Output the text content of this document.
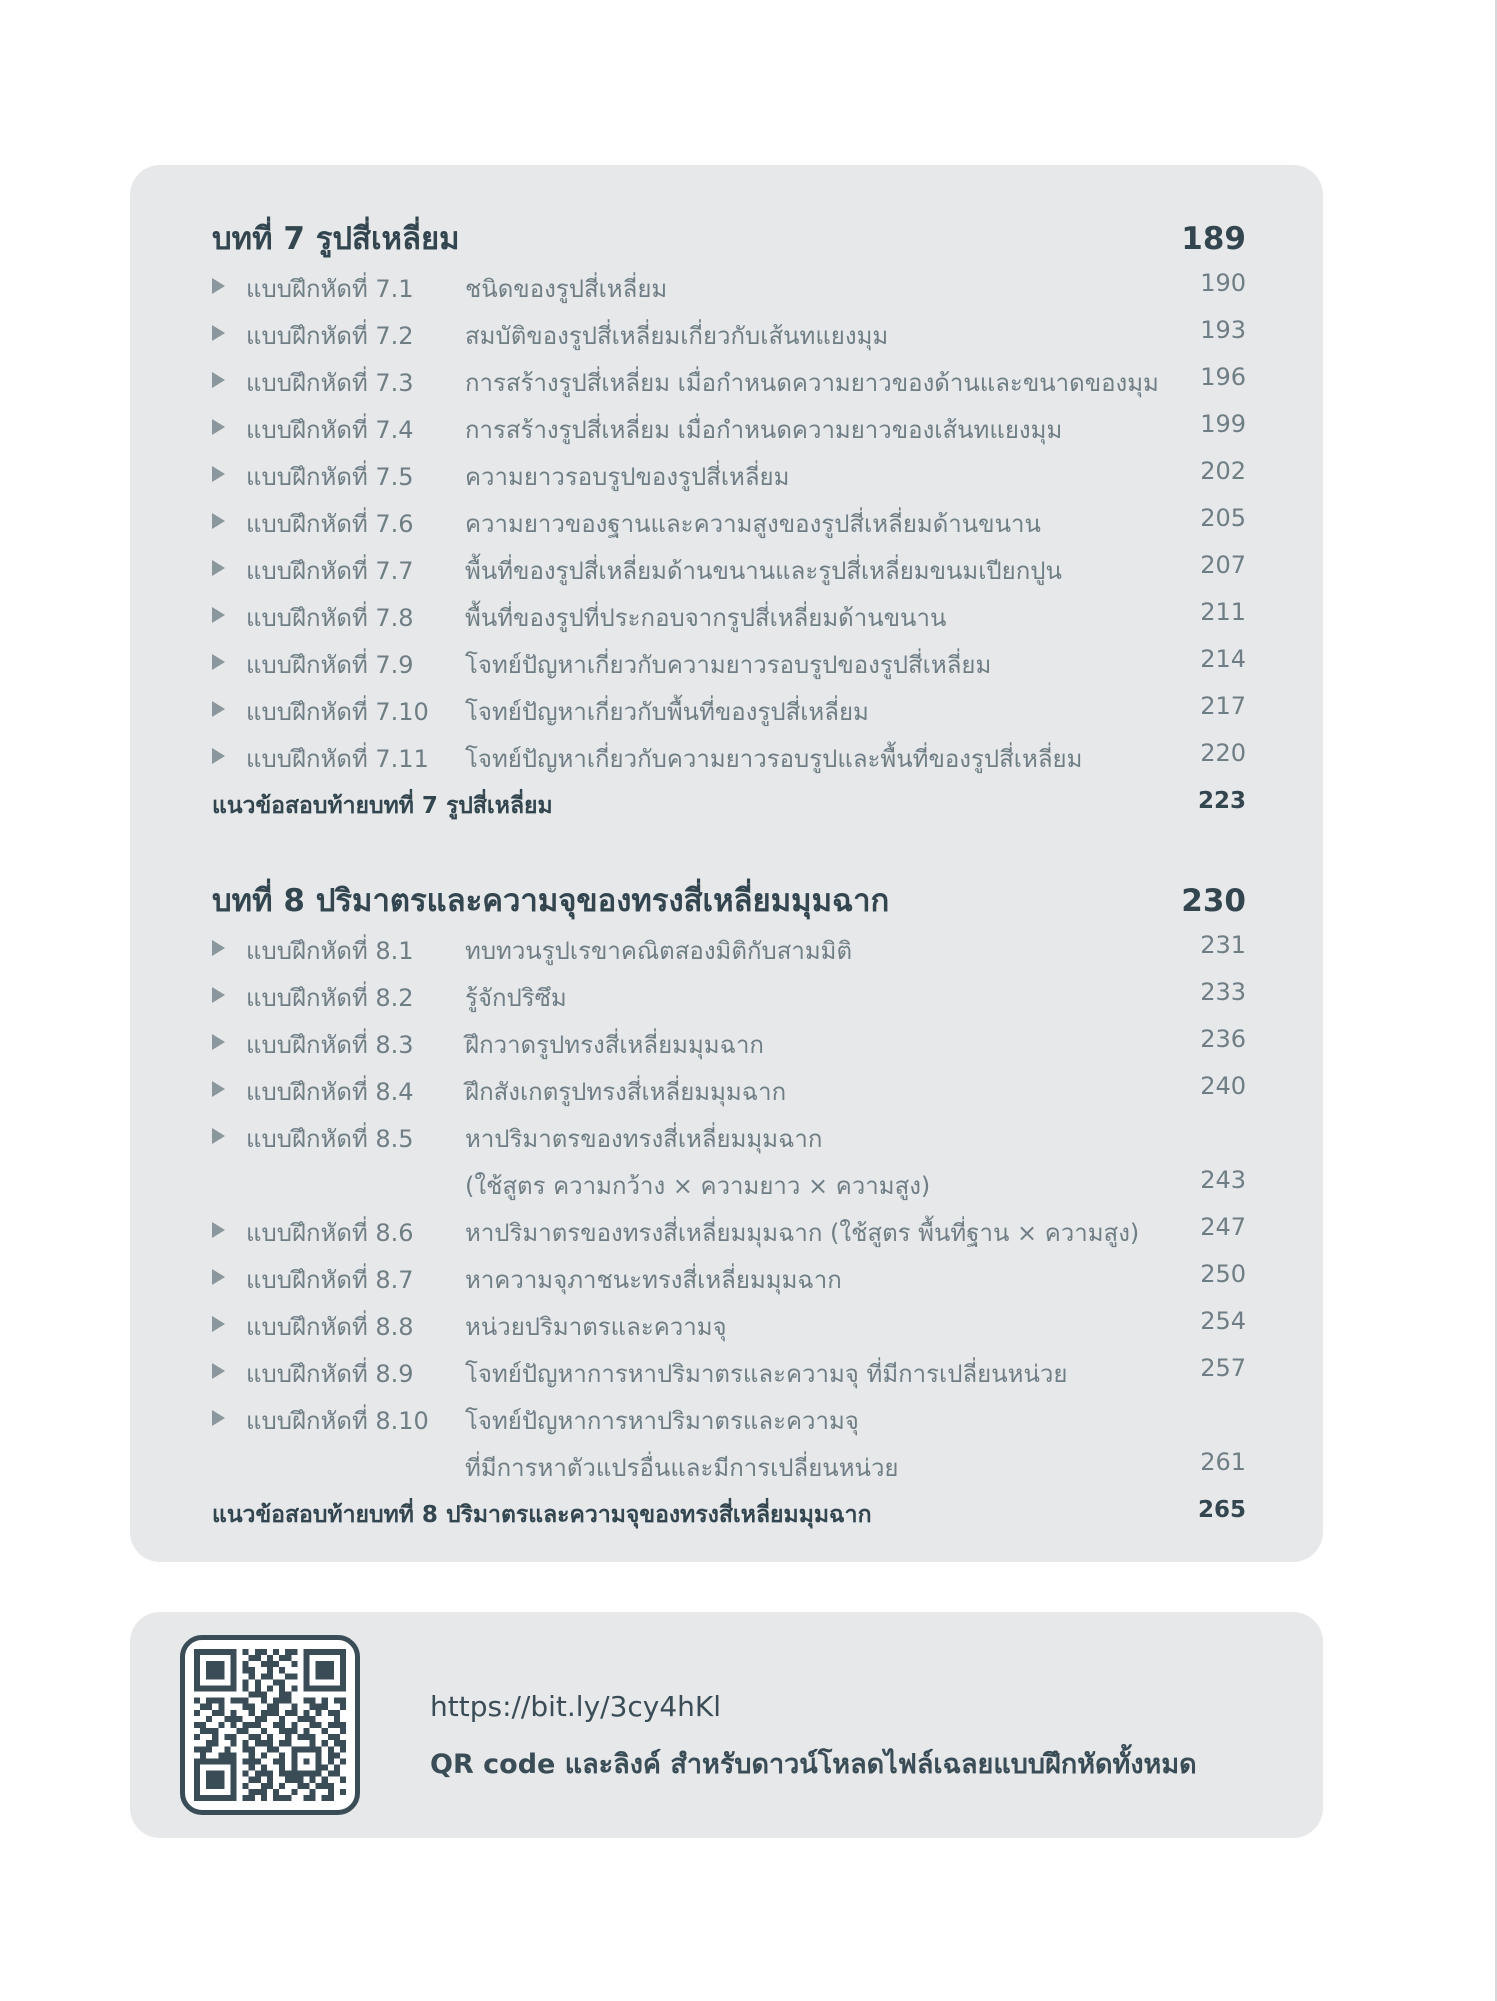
บทที่ 7 รูปสี่เหลี่ยม	189
แบบฝึกหัดที่ 7.1 ชนิดของรูปสี่เหลี่ยม	190
แบบฝึกหัดที่ 7.2 สมบัติของรูปสี่เหลี่ยมเกี่ยวกับเส้นทแยงมุม	193
แบบฝึกหัดที่ 7.3 การสร้างรูปสี่เหลี่ยม เมื่อกำหนดความยาวของด้านและขนาดของมุม 196
แบบฝึกหัดที่ 7.4 การสร้างรูปสี่เหลี่ยม เมื่อกำหนดความยาวของเส้นทแยงมุม	199
แบบฝึกหัดที่ 7.5 ความยาวรอบรูปของรูปสี่เหลี่ยม	202
แบบฝึกหัดที่ 7.6 ความยาวของฐานและความสูงของรูปสี่เหลี่ยมด้านขนาน	205
แบบฝึกหัดที่ 7.7 พื้นที่ของรูปสี่เหลี่ยมด้านขนานและรูปสี่เหลี่ยมขนมเปียกปูน	207
แบบฝึกหัดที่ 7.8 พื้นที่ของรูปที่ประกอบจากรูปสี่เหลี่ยมด้านขนาน	211
แบบฝึกหัดที่ 7.9 โจทย์ปัญหาเกี่ยวกับความยาวรอบรูปของรูปสี่เหลี่ยม	214
แบบฝึกหัดที่ 7.10 โจทย์ปัญหาเกี่ยวกับพื้นที่ของรูปสี่เหลี่ยม	217
แบบฝึกหัดที่ 7.11 โจทย์ปัญหาเกี่ยวกับความยาวรอบรูปและพื้นที่ของรูปสี่เหลี่ยม	220
แนวข้อสอบท้ายบทที่ 7 รูปสี่เหลี่ยม	223
บทที่ 8 ปริมาตรและความจุของทรงสี่เหลี่ยมมุมฉาก	230
แบบฝึกหัดที่ 8.1 ทบทวนรูปเรขาคณิตสองมิติกับสามมิติ	231
แบบฝึกหัดที่ 8.2 รู้จักปริซึม	233
แบบฝึกหัดที่ 8.3 ฝึกวาดรูปทรงสี่เหลี่ยมมุมฉาก	236
แบบฝึกหัดที่ 8.4 ฝึกสังเกตรูปทรงสี่เหลี่ยมมุมฉาก	240
แบบฝึกหัดที่ 8.5 หาปริมาตรของทรงสี่เหลี่ยมมุมฉาก
(ใช้สูตร ความกว้าง × ความยาว × ความสูง)	243
แบบฝึกหัดที่ 8.6 หาปริมาตรของทรงสี่เหลี่ยมมุมฉาก (ใช้สูตร พื้นที่ฐาน × ความสูง)	247
แบบฝึกหัดที่ 8.7 หาความจุภาชนะทรงสี่เหลี่ยมมุมฉาก	250
แบบฝึกหัดที่ 8.8 หน่วยปริมาตรและความจุ	254
แบบฝึกหัดที่ 8.9 โจทย์ปัญหาการหาปริมาตรและความจุ ที่มีการเปลี่ยนหน่วย	257
แบบฝึกหัดที่ 8.10 โจทย์ปัญหาการหาปริมาตรและความจุ
ที่มีการหาตัวแปรอื่นและมีการเปลี่ยนหน่วย	261
แนวข้อสอบท้ายบทที่ 8 ปริมาตรและความจุของทรงสี่เหลี่ยมมุมฉาก	265
https://bit.ly/3cy4hKl
QR code และลิงค์ สำหรับดาวน์โหลดไฟล์เฉลยแบบฝึกหัดทั้งหมด
